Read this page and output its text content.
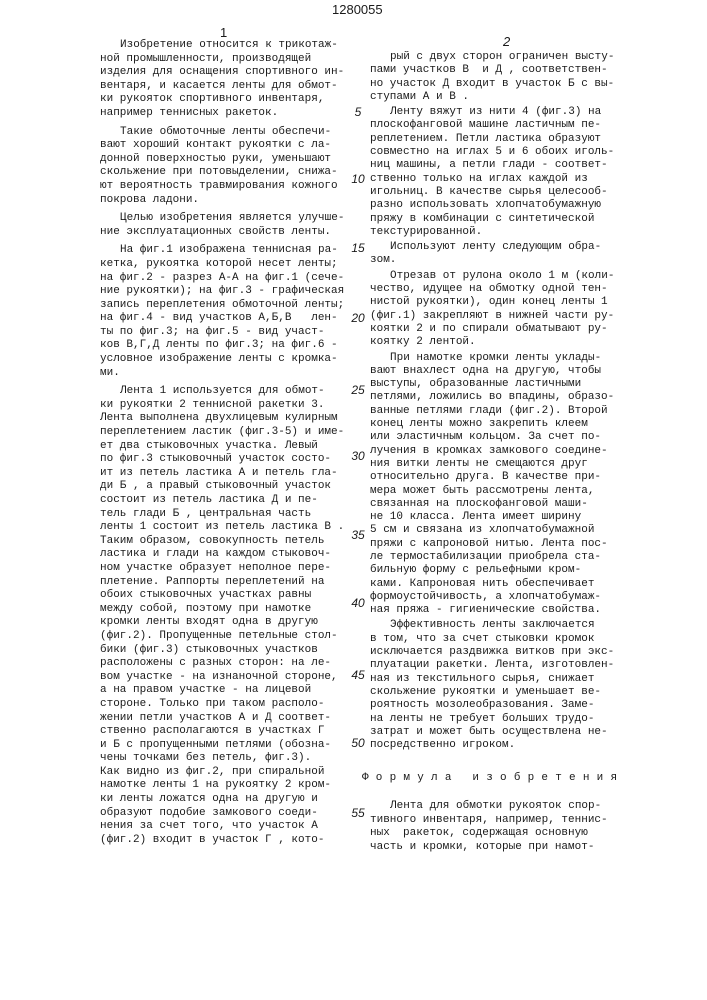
1280055
1
2
Изобретение относится к трикотаж-
ной промышленности, производящей
изделия для оснащения спортивного ин-
вентаря, и касается ленты для обмот-
ки рукояток спортивного инвентаря,
например теннисных ракеток.
Такие обмоточные ленты обеспечи-
вают хороший контакт рукоятки с ла-
донной поверхностью руки, уменьшают
скольжение при потовыделении, снижа-
ют вероятность травмирования кожного
покрова ладони.
Целью изобретения является улучше-
ние эксплуатационных свойств ленты.
На фиг.1 изображена теннисная ра-
кетка, рукоятка которой несет ленты;
на фиг.2 - разрез А-А на фиг.1 (сече-
ние рукоятки); на фиг.3 - графическая
запись переплетения обмоточной ленты;
на фиг.4 - вид участков А,Б,В   лен-
ты по фиг.3; на фиг.5 - вид участ-
ков В,Г,Д ленты по фиг.3; на фиг.6 -
условное изображение ленты с кромка-
ми.
Лента 1 используется для обмот-
ки рукоятки 2 теннисной ракетки 3.
Лента выполнена двухлицевым кулирным
переплетением ластик (фиг.3-5) и име-
ет два стыковочных участка. Левый
по фиг.3 стыковочный участок состо-
ит из петель ластика А и петель гла-
ди Б , а правый стыковочный участок
состоит из петель ластика Д и пе-
тель глади Б , центральная часть
ленты 1 состоит из петель ластика В .
Таким образом, совокупность петель
ластика и глади на каждом стыковоч-
ном участке образует неполное пере-
плетение. Раппорты переплетений на
обоих стыковочных участках равны
между собой, поэтому при намотке
кромки ленты входят одна в другую
(фиг.2). Пропущенные петельные стол-
бики (фиг.3) стыковочных участков
расположены с разных сторон: на ле-
вом участке - на изнаночной стороне,
а на правом участке - на лицевой
стороне. Только при таком располо-
жении петли участков А и Д соответ-
ственно располагаются в участках Г
и Б с пропущенными петлями (обозна-
чены точками без петель, фиг.3).
Как видно из фиг.2, при спиральной
намотке ленты 1 на рукоятку 2 кром-
ки ленты ложатся одна на другую и
образуют подобие замкового соеди-
нения за счет того, что участок А
(фиг.2) входит в участок Г , кото-
рый с двух сторон ограничен высту-
пами участков В  и Д , соответствен-
но участок Д входит в участок Б с вы-
ступами А и В .
Ленту вяжут из нити 4 (фиг.3) на
плоскофанговой машине ластичным пе-
реплетением. Петли ластика образуют
совместно на иглах 5 и 6 обоих иголь-
ниц машины, а петли глади - соответ-
ственно только на иглах каждой из
игольниц. В качестве сырья целесооб-
разно использовать хлопчатобумажную
пряжу в комбинации с синтетической
текстурированной.
Используют ленту следующим обра-
зом.
Отрезав от рулона около 1 м (коли-
чество, идущее на обмотку одной тен-
нистой рукоятки), один конец ленты 1
(фиг.1) закрепляют в нижней части ру-
коятки 2 и по спирали обматывают ру-
коятку 2 лентой.
При намотке кромки ленты уклады-
вают внахлест одна на другую, чтобы
выступы, образованные ластичными
петлями, ложились во впадины, образо-
ванные петлями глади (фиг.2). Второй
конец ленты можно закрепить клеем
или эластичным кольцом. За счет по-
лучения в кромках замкового соедине-
ния витки ленты не смещаются друг
относительно друга. В качестве при-
мера может быть рассмотрены лента,
связанная на плоскофанговой маши-
не 10 класса. Лента имеет ширину
5 см и связана из хлопчатобумажной
пряжи с капроновой нитью. Лента пос-
ле термостабилизации приобрела ста-
бильную форму с рельефными кром-
ками. Капроновая нить обеспечивает
формоустойчивость, а хлопчатобумаж-
ная пряжа - гигиенические свойства.
Эффективность ленты заключается
в том, что за счет стыковки кромок
исключается раздвижка витков при экс-
плуатации ракетки. Лента, изготовлен-
ная из текстильного сырья, снижает
скольжение рукоятки и уменьшает ве-
роятность мозолеобразования. Заме-
на ленты не требует больших трудо-
затрат и может быть осуществлена не-
посредственно игроком.
Ф о р м у л а   и з о б р е т е н и я
Лента для обмотки рукояток спор-
тивного инвентаря, например, теннис-
ных  ракеток, содержащая основную
часть и кромки, которые при намот-
5
10
15
20
25
30
35
40
45
50
55
